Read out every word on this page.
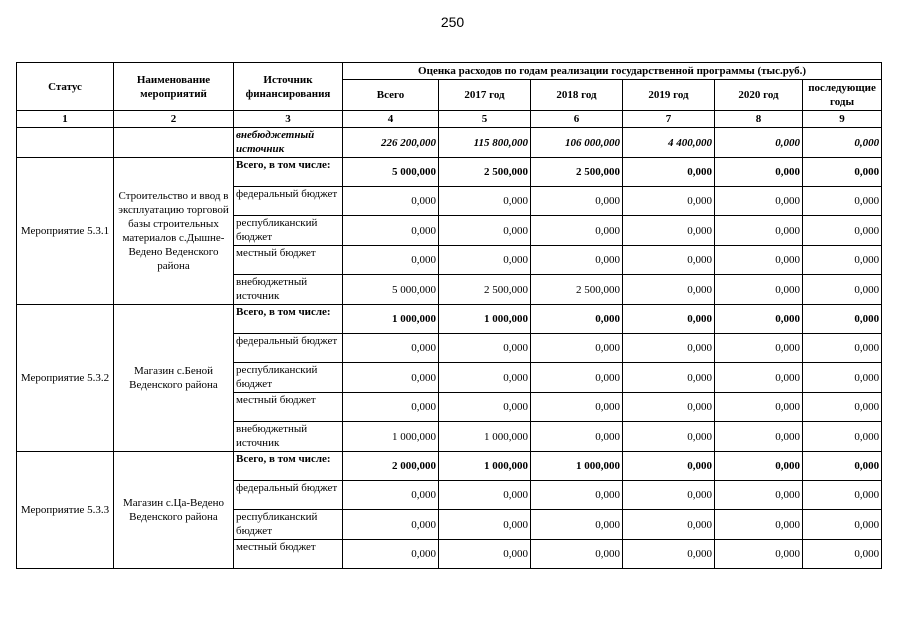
250
Статус	Наименование мероприятий	Источник финансирования	Оценка расходов по годам реализации государственной программы (тыс.руб.)					
			Всего	2017 год	2018 год	2019 год	2020 год	последующие годы
1	2	3	4	5	6	7	8	9
		внебюджетный источник	226 200,000	115 800,000	106 000,000	4 400,000	0,000	0,000
Мероприятие 5.3.1	Строительство и ввод в эксплуатацию торговой базы строительных материалов с.Дышне-Ведено Веденского района	Всего, в том числе:	5 000,000	2 500,000	2 500,000	0,000	0,000	0,000
		федеральный бюджет	0,000	0,000	0,000	0,000	0,000	0,000
		республиканский бюджет	0,000	0,000	0,000	0,000	0,000	0,000
		местный бюджет	0,000	0,000	0,000	0,000	0,000	0,000
		внебюджетный источник	5 000,000	2 500,000	2 500,000	0,000	0,000	0,000
Мероприятие 5.3.2	Магазин с.Беной Веденского района	Всего, в том числе:	1 000,000	1 000,000	0,000	0,000	0,000	0,000
		федеральный бюджет	0,000	0,000	0,000	0,000	0,000	0,000
		республиканский бюджет	0,000	0,000	0,000	0,000	0,000	0,000
		местный бюджет	0,000	0,000	0,000	0,000	0,000	0,000
		внебюджетный источник	1 000,000	1 000,000	0,000	0,000	0,000	0,000
Мероприятие 5.3.3	Магазин с.Ца-Ведено Веденского района	Всего, в том числе:	2 000,000	1 000,000	1 000,000	0,000	0,000	0,000
		федеральный бюджет	0,000	0,000	0,000	0,000	0,000	0,000
		республиканский бюджет	0,000	0,000	0,000	0,000	0,000	0,000
		местный бюджет	0,000	0,000	0,000	0,000	0,000	0,000
